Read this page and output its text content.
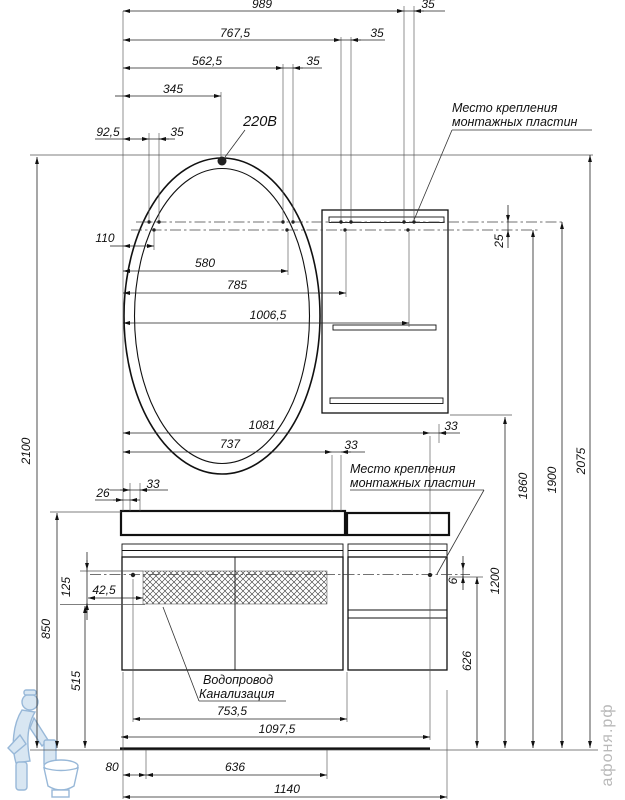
афоня.рф
989	35
767,5	35
562,5	35
345
92,5	35
220В
Место крепления
монтажных пластин
110
580
785
1006,5
25
1081	33
737	33
Место крепления
монтажных пластин
26
33
42,5
125
515
850
2100
Водопровод
Канализация
753,5
1097,5
80	636
1140
6
626
1200
1860 1900
2075
